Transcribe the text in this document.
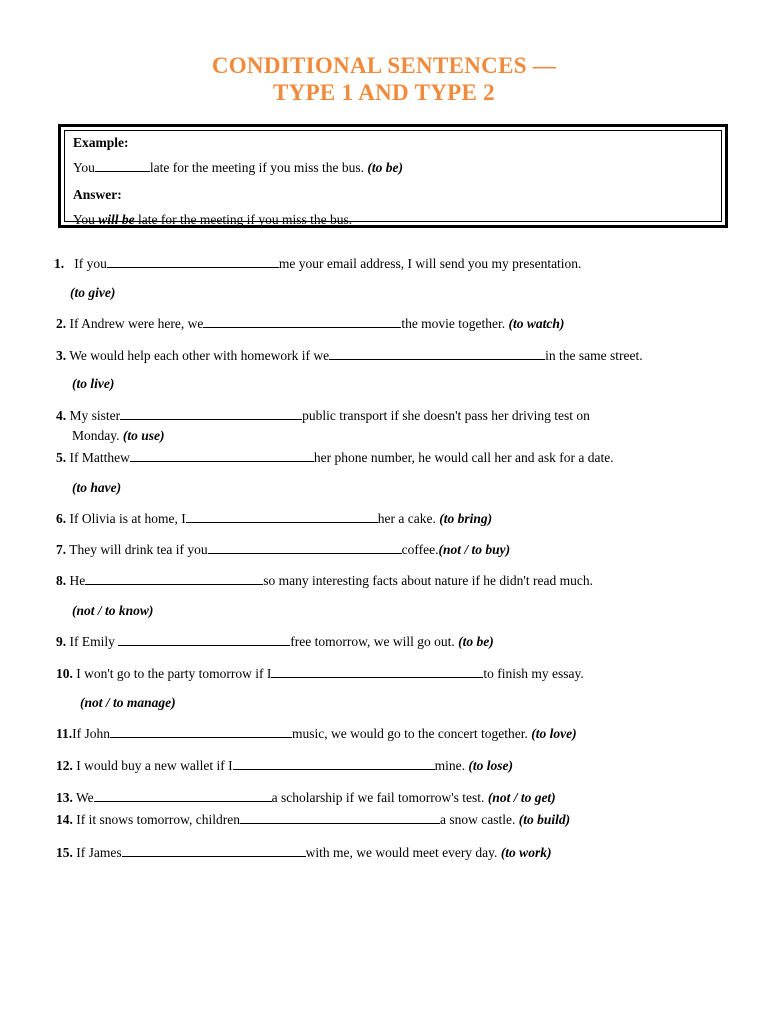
CONDITIONAL SENTENCES —
TYPE 1 AND TYPE 2
Example:
You	late for the meeting if you miss the bus. (to be)
Answer:
You will be late for the meeting if you miss the bus.
1. If you	me your email address, I will send you my presentation.
(to give)
2. If Andrew were here, we	the movie together. (to watch)
3. We would help each other with homework if we	in the same street.
(to live)
4. My sister	public transport if she doesn't pass her driving test on
Monday. (to use)
5. If Matthew	her phone number, he would call her and ask for a date.
(to have)
6. If Olivia is at home, I	her a cake. (to bring)
7. They will drink tea if you	coffee.(not / to buy)
8. He	so many interesting facts about nature if he didn't read much.
(not / to know)
9. If Emily	free tomorrow, we will go out. (to be)
10. I won't go to the party tomorrow if I	to finish my essay.
(not / to manage)
11.If John	music, we would go to the concert together. (to love)
12. I would buy a new wallet if I	mine. (to lose)
13. We	a scholarship if we fail tomorrow's test. (not / to get)
14. If it snows tomorrow, children	a snow castle. (to build)
15. If James	with me, we would meet every day. (to work)
